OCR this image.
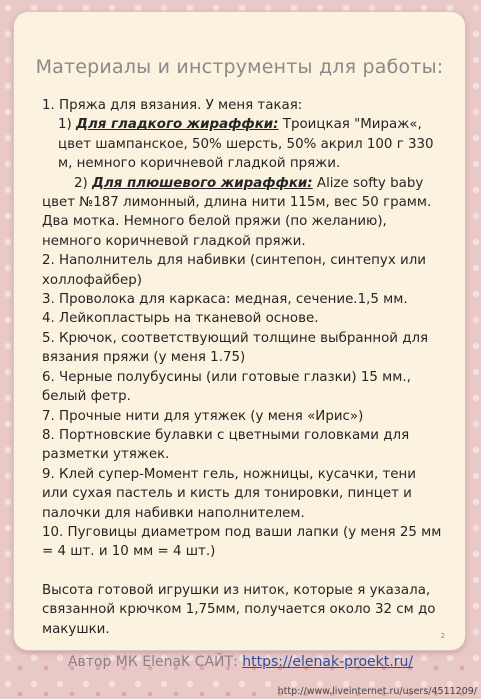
Материалы и инструменты для работы:

1. Пряжа для вязания. У меня такая:

1) Для гладкого жираффки: Троицкая "Мираж«, цвет шампанское, 50% шерсть, 50% акрил 100 г 330 м, немного коричневой гладкой пряжи.

2) Для плюшевого жираффки: Alize softy baby цвет №187 лимонный, длина нити 115м, вес 50 грамм. Два мотка. Немного белой пряжи (по желанию), немного коричневой гладкой пряжи.

2. Наполнитель для набивки (синтепон, синтепух или холлофайбер)

3. Проволока для каркаса: медная, сечение.1,5 мм.

4. Лейкопластырь на тканевой основе.

5. Крючок, соответствующий толщине выбранной для вязания пряжи (у меня 1.75)

6. Черные полубусины (или готовые глазки) 15 мм., белый фетр.

7. Прочные нити для утяжек (у меня «Ирис»)

8. Портновские булавки с цветными головками для разметки утяжек.

9. Клей супер-Момент гель, ножницы, кусачки, тени или сухая пастель и кисть для тонировки, пинцет и палочки для набивки наполнителем.

10. Пуговицы диаметром под ваши лапки (у меня 25 мм = 4 шт. и 10 мм = 4 шт.)

Высота готовой игрушки из ниток, которые я указала, связанной крючком 1,75мм, получается около 32 см до макушки.	2
Автор МК ElenaK САЙТ: https://elenak-proekt.ru/
http://www.liveinternet.ru/users/4511209/
